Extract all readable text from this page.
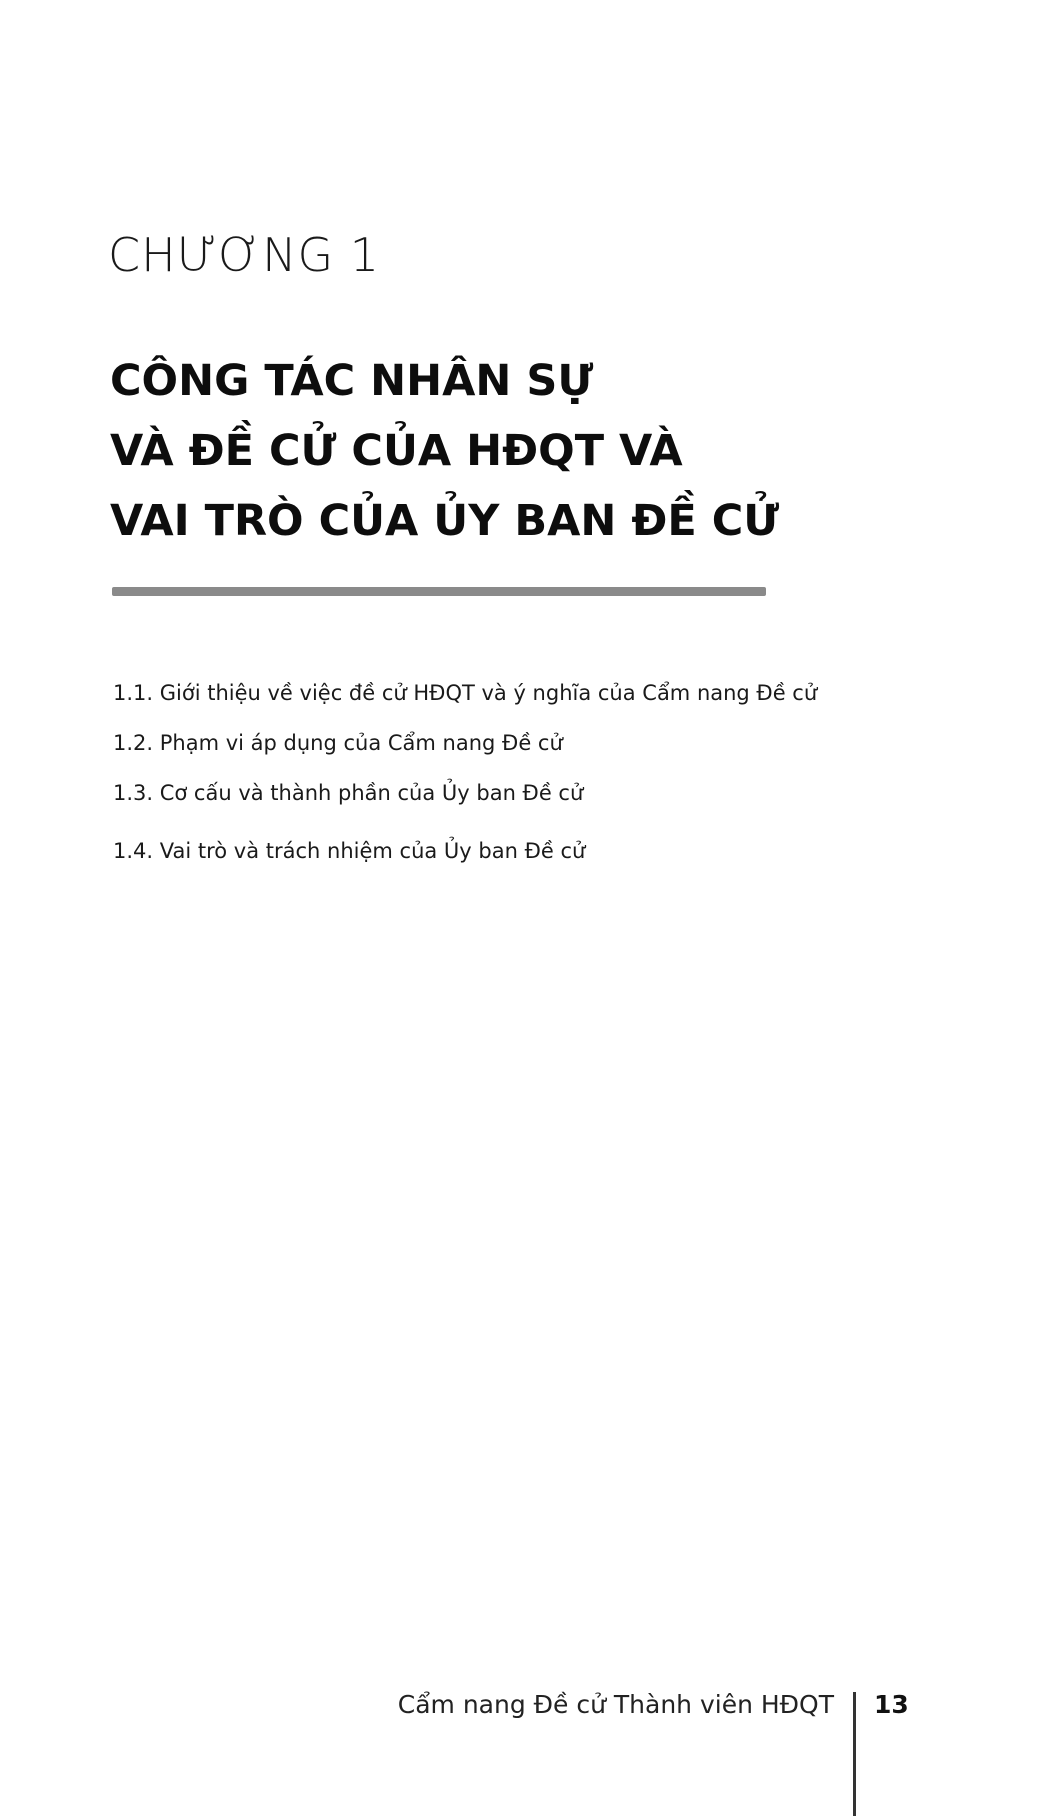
CHƯƠNG 1
CÔNG TÁC NHÂN SỰ
VÀ ĐỀ CỬ CỦA HĐQT VÀ
VAI TRÒ CỦA ỦY BAN ĐỀ CỬ
1.1. Giới thiệu về việc đề cử HĐQT và ý nghĩa của Cẩm nang Đề cử
1.2. Phạm vi áp dụng của Cẩm nang Đề cử
1.3. Cơ cấu và thành phần của Ủy ban Đề cử
1.4. Vai trò và trách nhiệm của Ủy ban Đề cử
Cẩm nang Đề cử Thành viên HĐQT 13
